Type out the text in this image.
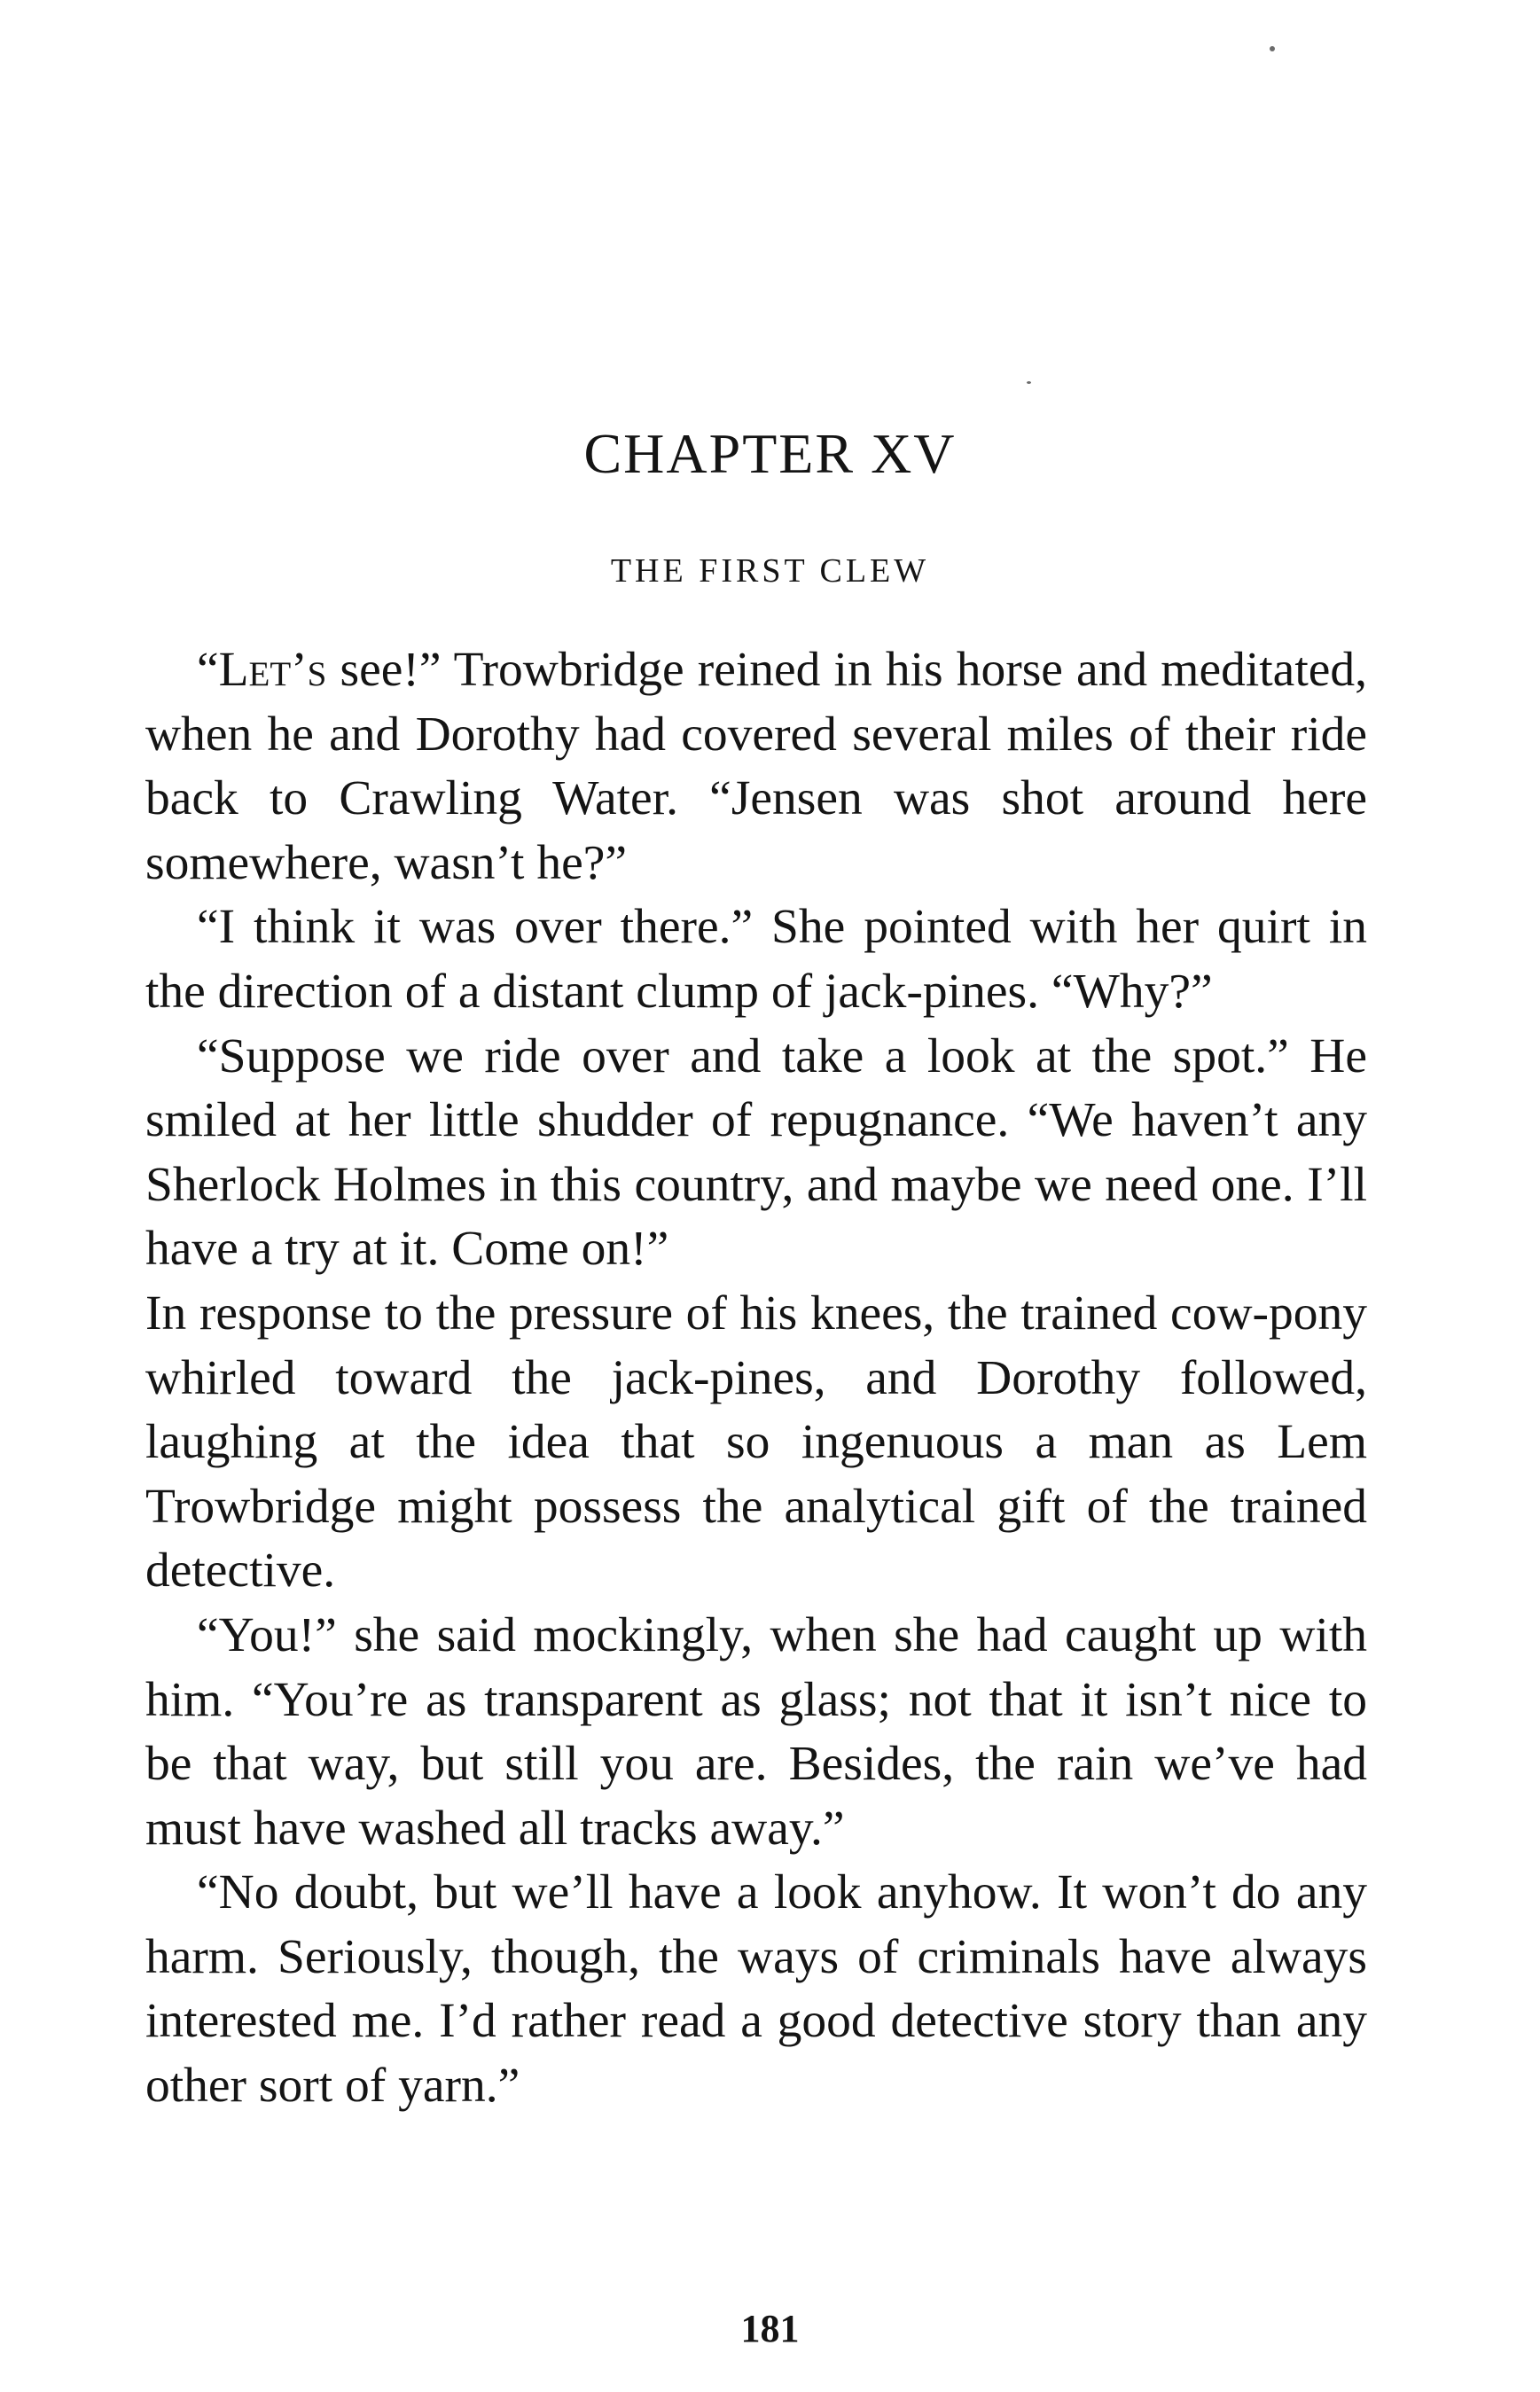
CHAPTER XV
THE FIRST CLEW

“Let’s see!” Trowbridge reined in his horse and meditated, when he and Dorothy had covered several miles of their ride back to Crawling Water. “Jensen was shot around here somewhere, wasn’t he?”

“I think it was over there.” She pointed with her quirt in the direction of a distant clump of jack-pines. “Why?”

“Suppose we ride over and take a look at the spot.” He smiled at her little shudder of repugnance. “We haven’t any Sherlock Holmes in this country, and maybe we need one. I’ll have a try at it. Come on!”

In response to the pressure of his knees, the trained cow-pony whirled toward the jack-pines, and Dorothy followed, laughing at the idea that so ingenuous a man as Lem Trowbridge might possess the analytical gift of the trained detective.

“You!” she said mockingly, when she had caught up with him. “You’re as transparent as glass; not that it isn’t nice to be that way, but still you are. Besides, the rain we’ve had must have washed all tracks away.”

“No doubt, but we’ll have a look anyhow. It won’t do any harm. Seriously, though, the ways of criminals have always interested me. I’d rather read a good detective story than any other sort of yarn.”

181
